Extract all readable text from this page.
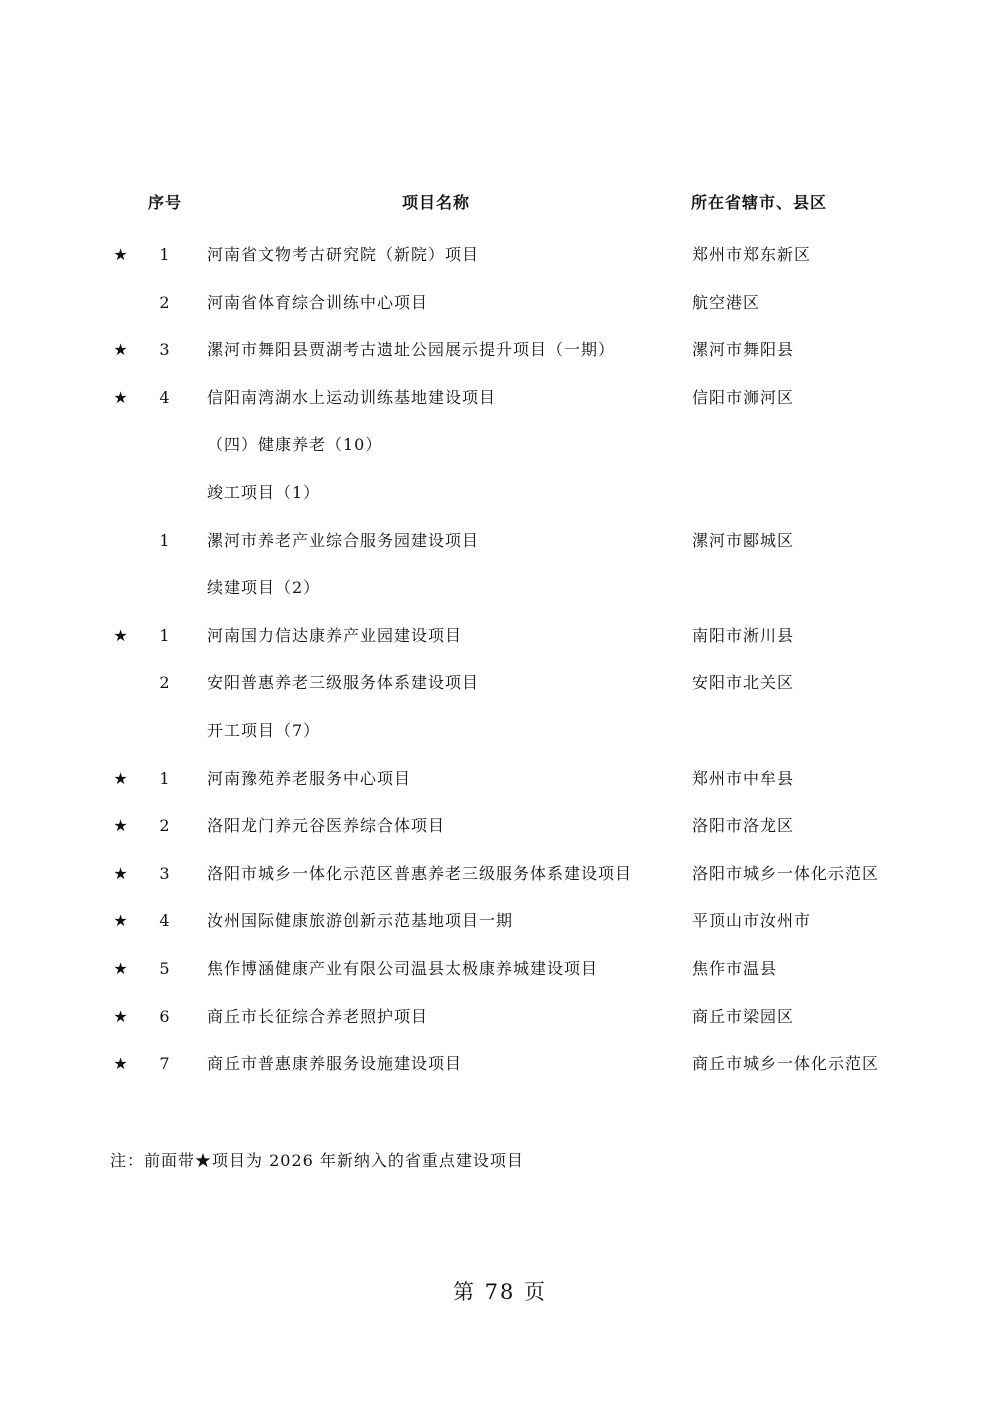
序号	项目名称	所在省辖市、县区
★	1	河南省文物考古研究院（新院）项目	郑州市郑东新区
2	河南省体育综合训练中心项目	航空港区
★	3	漯河市舞阳县贾湖考古遗址公园展示提升项目（一期）	漯河市舞阳县
★	4	信阳南湾湖水上运动训练基地建设项目	信阳市浉河区
（四）健康养老（10）
竣工项目（1）
1	漯河市养老产业综合服务园建设项目	漯河市郾城区
续建项目（2）
★	1	河南国力信达康养产业园建设项目	南阳市淅川县
2	安阳普惠养老三级服务体系建设项目	安阳市北关区
开工项目（7）
★	1	河南豫苑养老服务中心项目	郑州市中牟县
★	2	洛阳龙门养元谷医养综合体项目	洛阳市洛龙区
★	3	洛阳市城乡一体化示范区普惠养老三级服务体系建设项目	洛阳市城乡一体化示范区
★	4	汝州国际健康旅游创新示范基地项目一期	平顶山市汝州市
★	5	焦作博涵健康产业有限公司温县太极康养城建设项目	焦作市温县
★	6	商丘市长征综合养老照护项目	商丘市梁园区
★	7	商丘市普惠康养服务设施建设项目	商丘市城乡一体化示范区
注：前面带★项目为 2026 年新纳入的省重点建设项目
第 78 页
